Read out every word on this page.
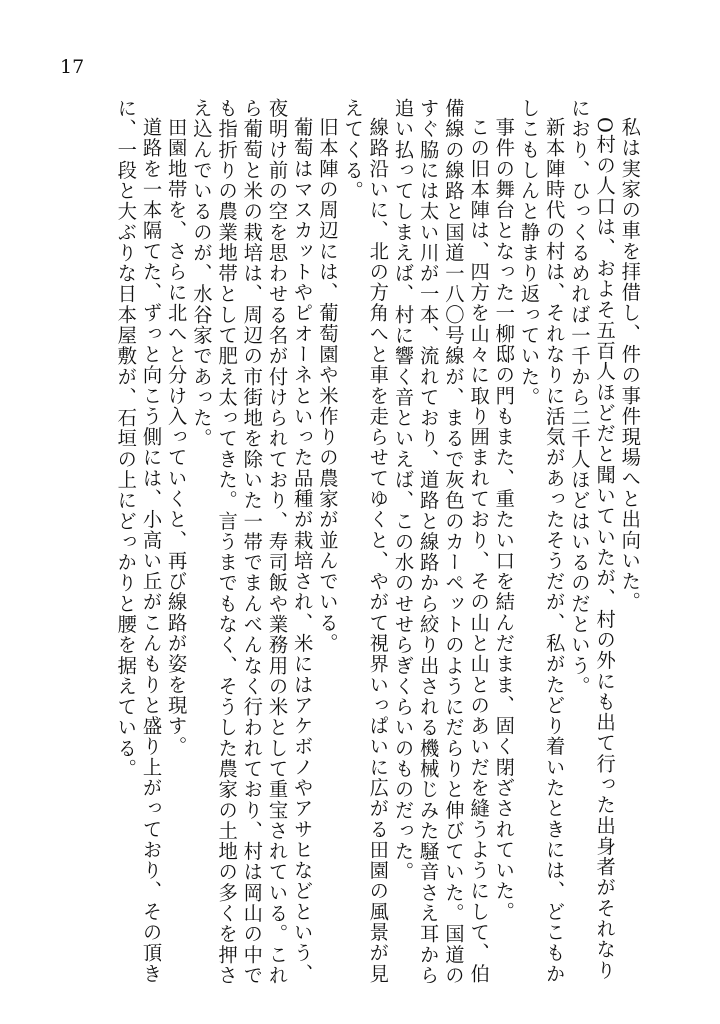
17
私は実家の車を拝借し、件の事件現場へと出向いた。
О村の人口は、およそ五百人ほどだと聞いていたが、村の外にも出て行った出身者がそれなり
におり、ひっくるめれば一千から二千人ほどはいるのだという。
新本陣時代の村は、それなりに活気があったそうだが、私がたどり着いたときには、どこもか
しこもしんと静まり返っていた。
事件の舞台となった一柳邸の門もまた、重たい口を結んだまま、固く閉ざされていた。
この旧本陣は、四方を山々に取り囲まれており、その山と山とのあいだを縫うようにして、伯
備線の線路と国道一八〇号線が、まるで灰色のカーペットのようにだらりと伸びていた。国道の
すぐ脇には太い川が一本、流れており、道路と線路から絞り出される機械じみた騒音さえ耳から
追い払ってしまえば、村に響く音といえば、この水のせせらぎくらいのものだった。
線路沿いに、北の方角へと車を走らせてゆくと、やがて視界いっぱいに広がる田園の風景が見
えてくる。
旧本陣の周辺には、葡萄園や米作りの農家が並んでいる。
葡萄はマスカットやピオーネといった品種が栽培され、米にはアケボノやアサヒなどという、
夜明け前の空を思わせる名が付けられており、寿司飯や業務用の米として重宝されている。これ
ら葡萄と米の栽培は、周辺の市街地を除いた一帯でまんべんなく行われており、村は岡山の中で
も指折りの農業地帯として肥え太ってきた。言うまでもなく、そうした農家の土地の多くを押さ
え込んでいるのが、水谷家であった。
田園地帯を、さらに北へと分け入っていくと、再び線路が姿を現す。
道路を一本隔てた、ずっと向こう側には、小高い丘がこんもりと盛り上がっており、その頂き
に、一段と大ぶりな日本屋敷が、石垣の上にどっかりと腰を据えている。
